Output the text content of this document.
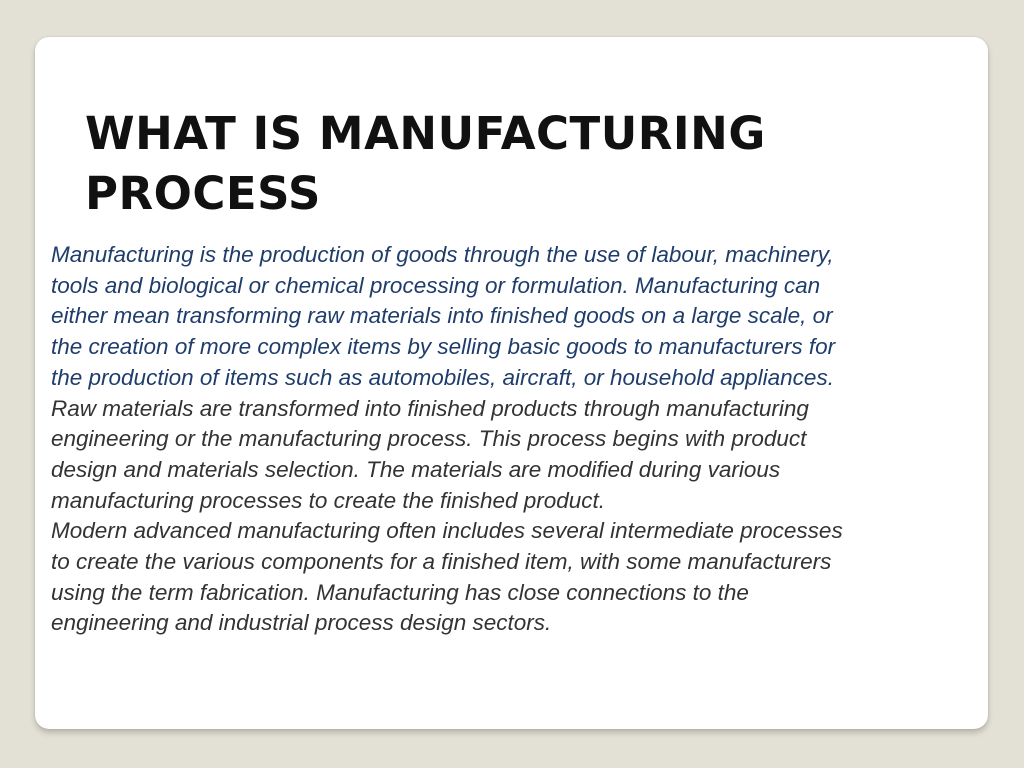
WHAT IS MANUFACTURING
PROCESS

Manufacturing is the production of goods through the use of labour, machinery,
tools and biological or chemical processing or formulation. Manufacturing can
either mean transforming raw materials into finished goods on a large scale, or
the creation of more complex items by selling basic goods to manufacturers for
the production of items such as automobiles, aircraft, or household appliances.

Raw materials are transformed into finished products through manufacturing
engineering or the manufacturing process. This process begins with product
design and materials selection. The materials are modified during various
manufacturing processes to create the finished product.

Modern advanced manufacturing often includes several intermediate processes
to create the various components for a finished item, with some manufacturers
using the term fabrication. Manufacturing has close connections to the
engineering and industrial process design sectors.
